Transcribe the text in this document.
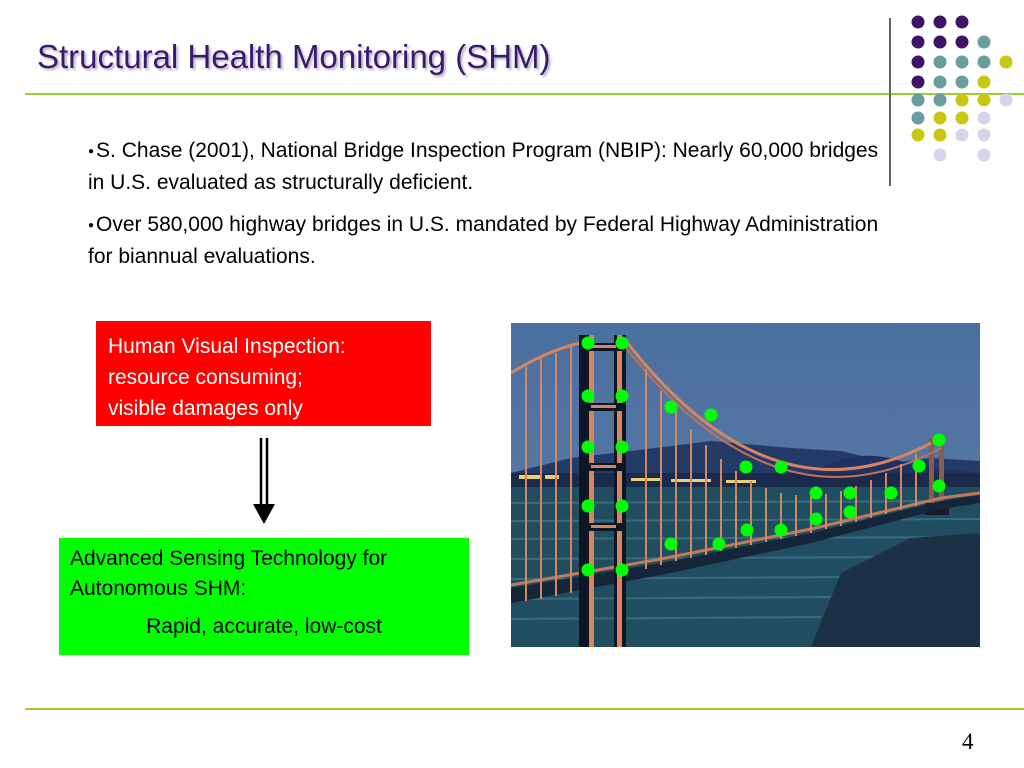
Structural Health Monitoring (SHM)

●S. Chase (2001), National Bridge Inspection Program (NBIP): Nearly 60,000 bridges in U.S. evaluated as structurally deficient.

●Over 580,000 highway bridges in U.S. mandated by Federal Highway Administration for biannual evaluations.

Human Visual Inspection:
resource consuming;
visible damages only
Advanced Sensing Technology for
Autonomous SHM:
Rapid, accurate, low-cost
4
